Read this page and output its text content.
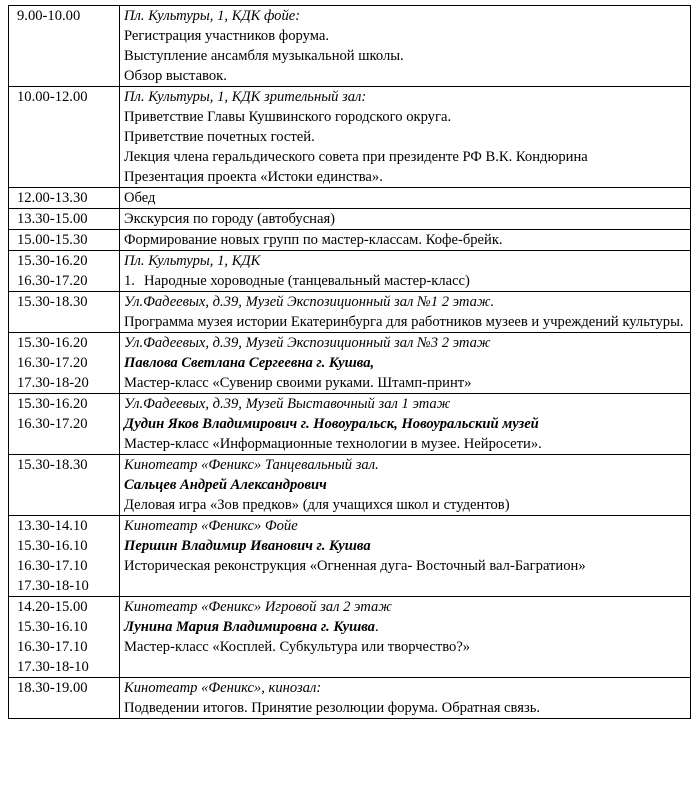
9.00-10.00	Пл. Культуры, 1, КДК фойе:
Регистрация участников форума.
Выступление ансамбля музыкальной школы.
Обзор выставок.

10.00-12.00	Пл. Культуры, 1, КДК зрительный зал:
Приветствие Главы Кушвинского городского округа.
Приветствие почетных гостей.
Лекция члена геральдического совета при президенте РФ В.К. Кондюрина
Презентация проекта «Истоки единства».

12.00-13.30	Обед

13.30-15.00	Экскурсия по городу (автобусная)

15.00-15.30	Формирование новых групп по мастер-классам. Кофе-брейк.

15.30-16.20
16.30-17.20	Пл. Культуры, 1, КДК
1. Народные хороводные (танцевальный мастер-класс)

15.30-18.30	Ул.Фадеевых, д.39, Музей Экспозиционный зал №1 2 этаж.
Программа музея истории Екатеринбурга для работников музеев и учреждений культуры.

15.30-16.20
16.30-17.20
17.30-18-20	Ул.Фадеевых, д.39, Музей Экспозиционный зал №3 2 этаж
Павлова Светлана Сергеевна г. Кушва,
Мастер-класс «Сувенир своими руками. Штамп-принт»

15.30-16.20
16.30-17.20	Ул.Фадеевых, д.39, Музей Выставочный зал 1 этаж
Дудин Яков Владимирович г. Новоуральск, Новоуральский музей
Мастер-класс «Информационные технологии в музее. Нейросети».

15.30-18.30	Кинотеатр «Феникс» Танцевальный зал.
Сальцев Андрей Александрович
Деловая игра «Зов предков» (для учащихся школ и студентов)

13.30-14.10
15.30-16.10
16.30-17.10
17.30-18-10	Кинотеатр «Феникс» Фойе
Першин Владимир Иванович г. Кушва
Историческая реконструкция «Огненная дуга- Восточный вал-Багратион»

14.20-15.00
15.30-16.10
16.30-17.10
17.30-18-10	Кинотеатр «Феникс» Игровой зал 2 этаж
Лунина Мария Владимировна г. Кушва.
Мастер-класс «Косплей. Субкультура или творчество?»

18.30-19.00	Кинотеатр «Феникс», кинозал:
Подведении итогов. Принятие резолюции форума. Обратная связь.
